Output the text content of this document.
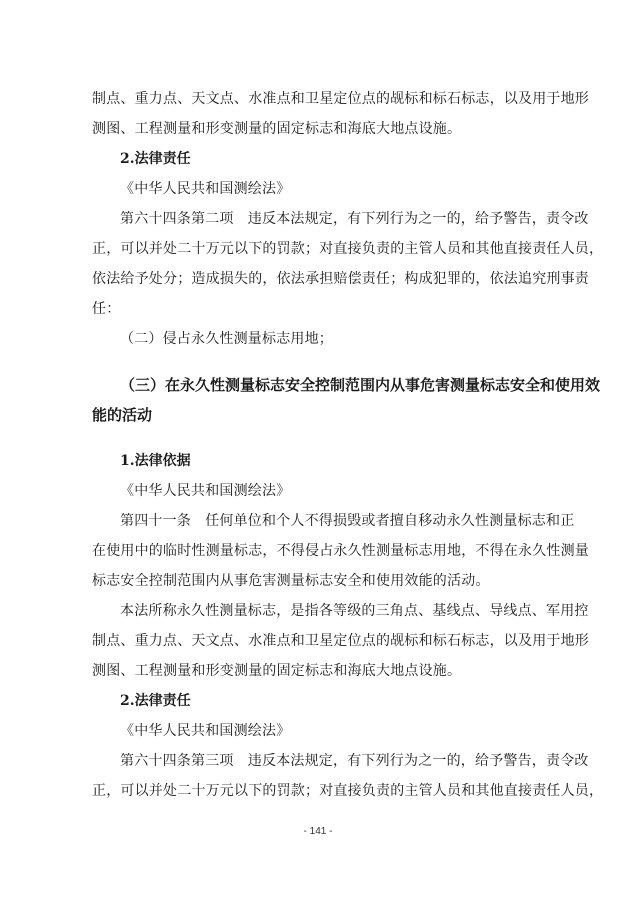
制点、重力点、天文点、水准点和卫星定位点的觇标和标石标志，以及用于地形
测图、工程测量和形变测量的固定标志和海底大地点设施。
2.法律责任
《中华人民共和国测绘法》
第六十四条第二项　违反本法规定，有下列行为之一的，给予警告，责令改
正，可以并处二十万元以下的罚款；对直接负责的主管人员和其他直接责任人员，
依法给予处分；造成损失的，依法承担赔偿责任；构成犯罪的，依法追究刑事责
任：
（二）侵占永久性测量标志用地；
（三）在永久性测量标志安全控制范围内从事危害测量标志安全和使用效
能的活动
1.法律依据
《中华人民共和国测绘法》
第四十一条　任何单位和个人不得损毁或者擅自移动永久性测量标志和正
在使用中的临时性测量标志，不得侵占永久性测量标志用地，不得在永久性测量
标志安全控制范围内从事危害测量标志安全和使用效能的活动。
本法所称永久性测量标志，是指各等级的三角点、基线点、导线点、军用控
制点、重力点、天文点、水准点和卫星定位点的觇标和标石标志，以及用于地形
测图、工程测量和形变测量的固定标志和海底大地点设施。
2.法律责任
《中华人民共和国测绘法》
第六十四条第三项　违反本法规定，有下列行为之一的，给予警告，责令改
正，可以并处二十万元以下的罚款；对直接负责的主管人员和其他直接责任人员，
- 141 -
